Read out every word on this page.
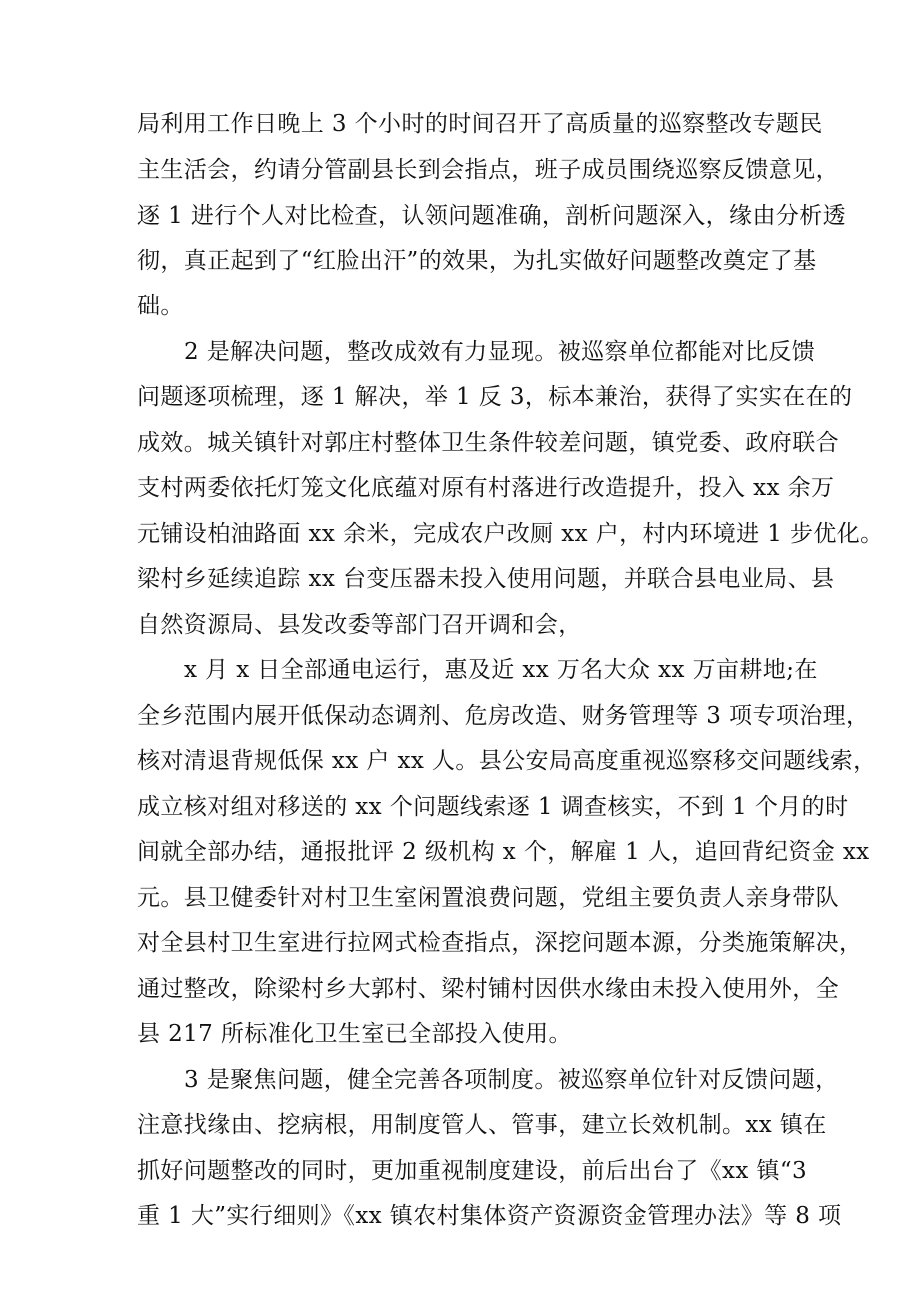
局利用工作日晚上 3 个小时的时间召开了高质量的巡察整改专题民
主生活会，约请分管副县长到会指点，班子成员围绕巡察反馈意见，
逐 1 进行个人对比检查，认领问题准确，剖析问题深入，缘由分析透
彻，真正起到了“红脸出汗”的效果，为扎实做好问题整改奠定了基
础。
2 是解决问题，整改成效有力显现。被巡察单位都能对比反馈
问题逐项梳理，逐 1 解决，举 1 反 3，标本兼治，获得了实实在在的
成效。城关镇针对郭庄村整体卫生条件较差问题，镇党委、政府联合
支村两委依托灯笼文化底蕴对原有村落进行改造提升，投入 xx 余万
元铺设柏油路面 xx 余米，完成农户改厕 xx 户，村内环境进 1 步优化。
梁村乡延续追踪 xx 台变压器未投入使用问题，并联合县电业局、县
自然资源局、县发改委等部门召开调和会，
x 月 x 日全部通电运行，惠及近 xx 万名大众 xx 万亩耕地;在
全乡范围内展开低保动态调剂、危房改造、财务管理等 3 项专项治理，
核对清退背规低保 xx 户 xx 人。县公安局高度重视巡察移交问题线索，
成立核对组对移送的 xx 个问题线索逐 1 调查核实，不到 1 个月的时
间就全部办结，通报批评 2 级机构 x 个，解雇 1 人，追回背纪资金 xx
元。县卫健委针对村卫生室闲置浪费问题，党组主要负责人亲身带队
对全县村卫生室进行拉网式检查指点，深挖问题本源，分类施策解决，
通过整改，除梁村乡大郭村、梁村铺村因供水缘由未投入使用外，全
县 217 所标准化卫生室已全部投入使用。
3 是聚焦问题，健全完善各项制度。被巡察单位针对反馈问题，
注意找缘由、挖病根，用制度管人、管事，建立长效机制。xx 镇在
抓好问题整改的同时，更加重视制度建设，前后出台了《xx 镇“3
重 1 大”实行细则》《xx 镇农村集体资产资源资金管理办法》等 8 项
